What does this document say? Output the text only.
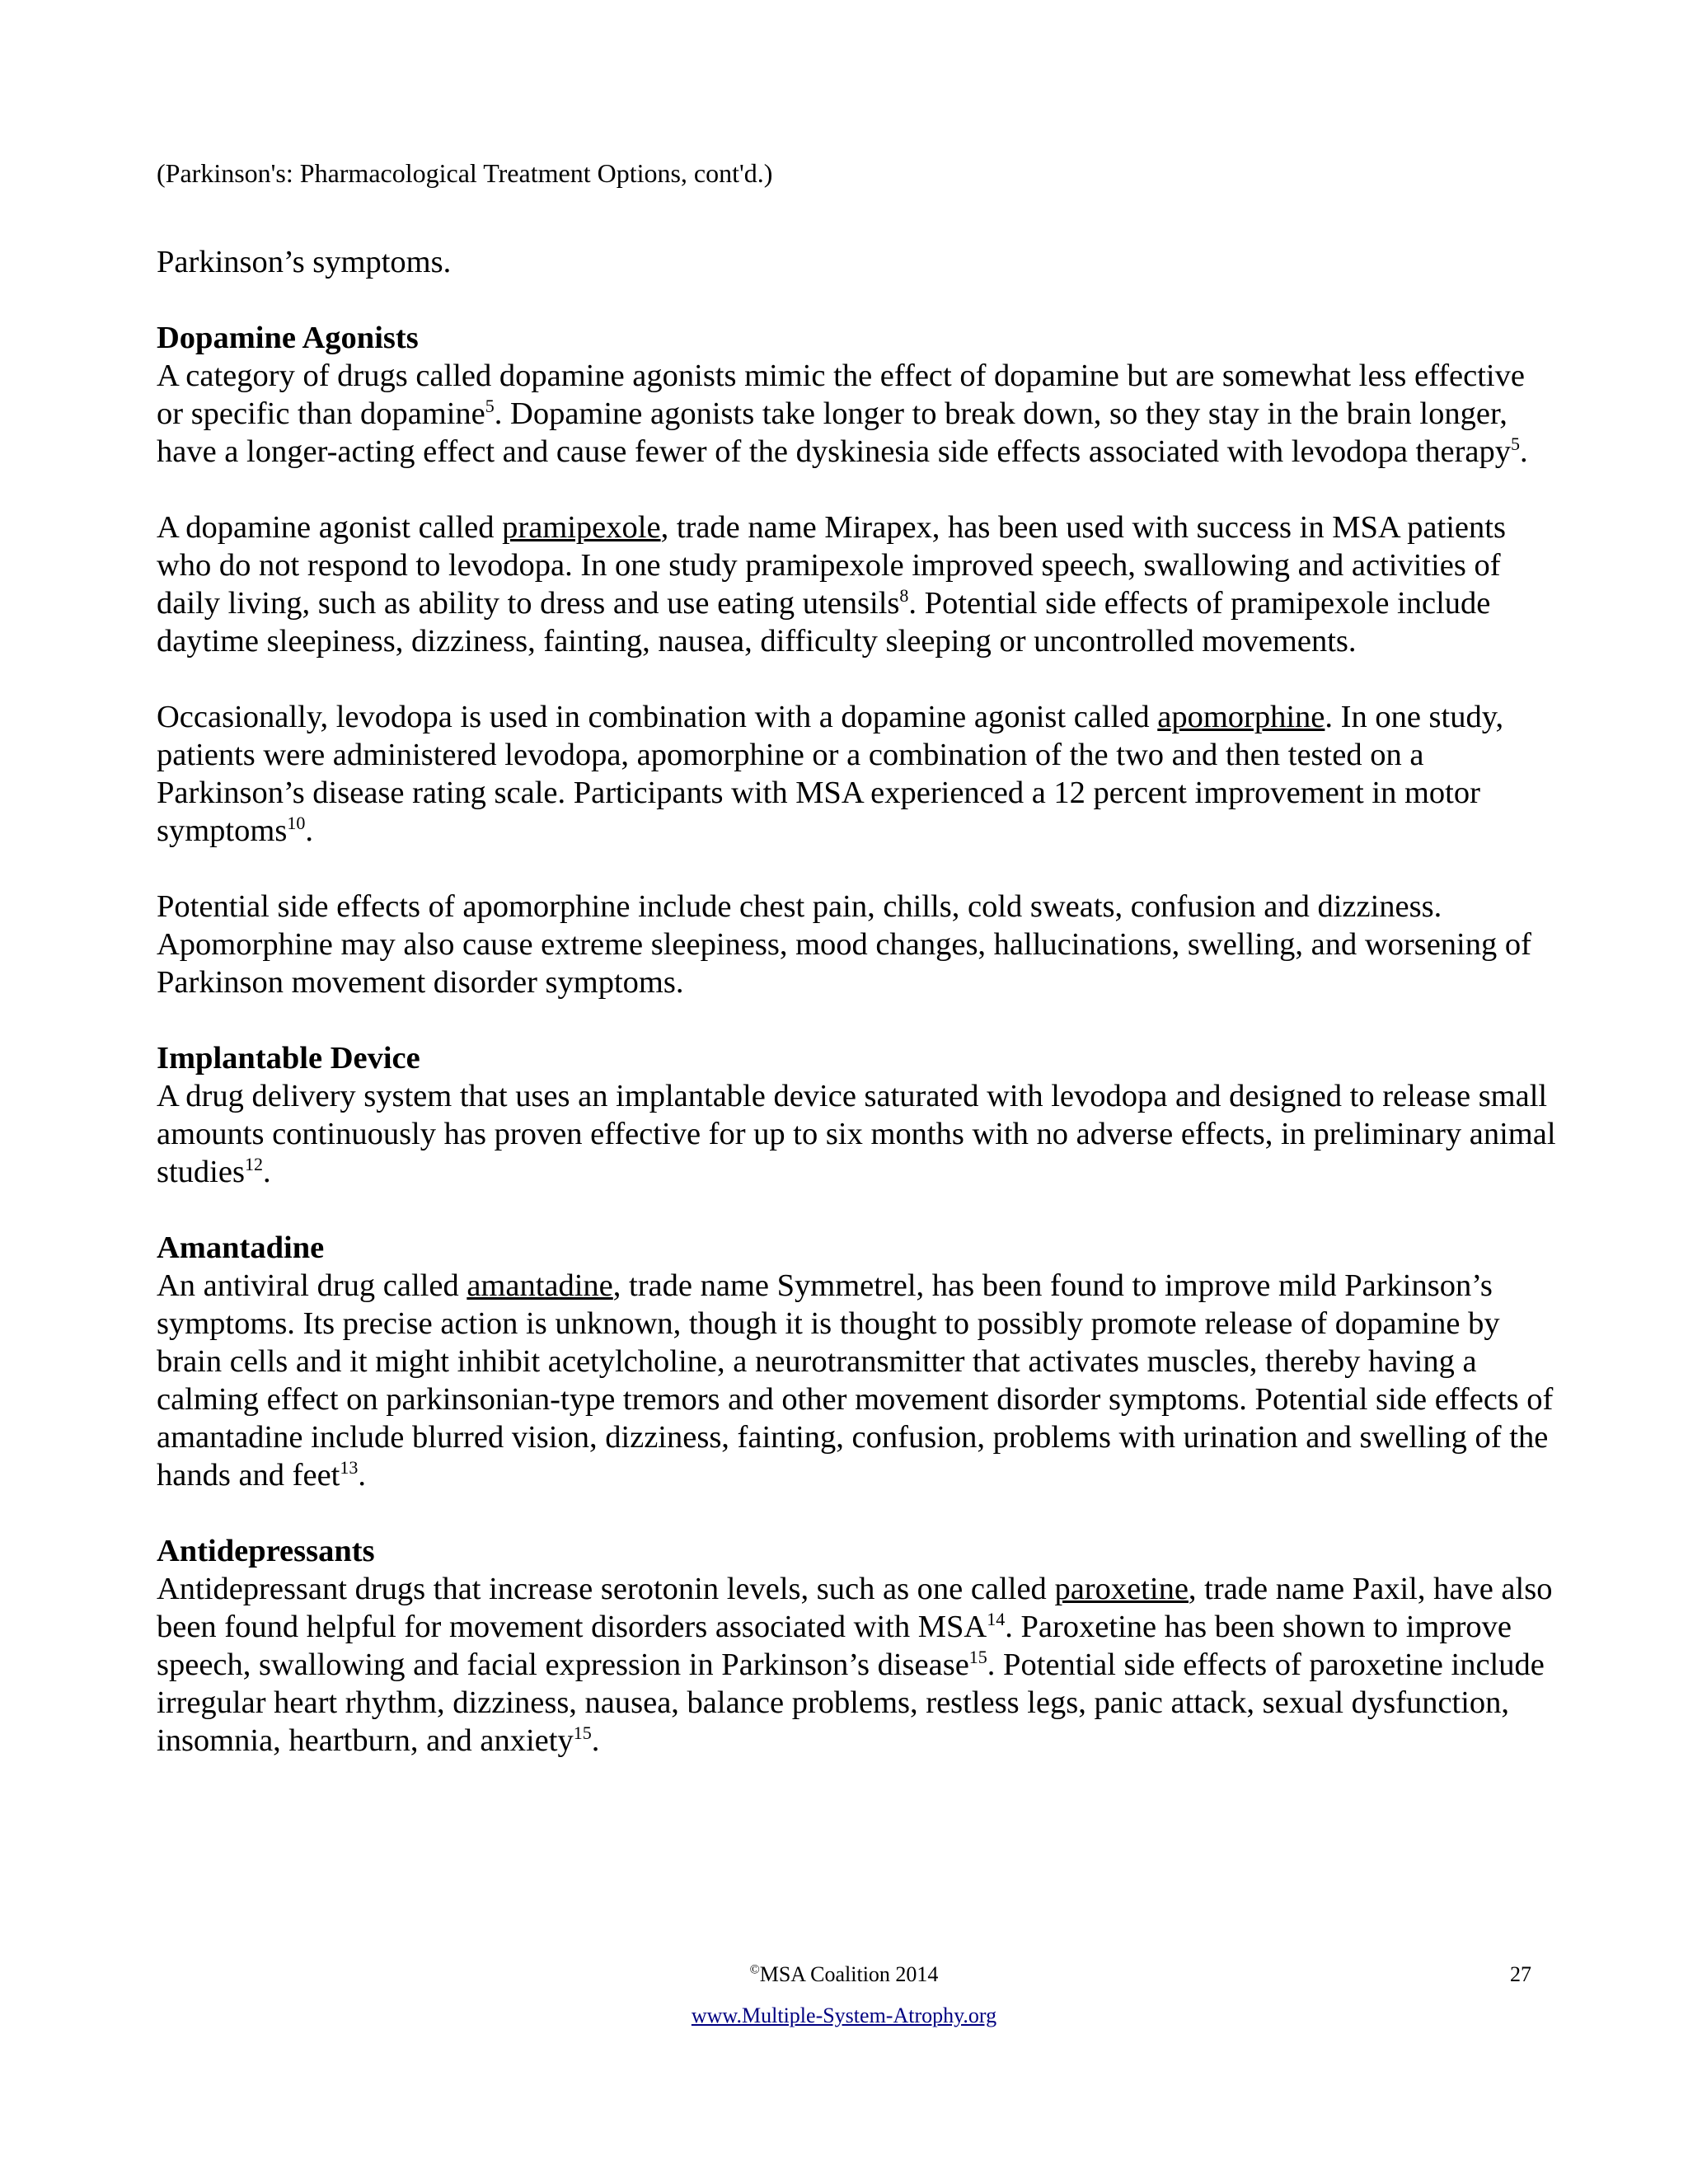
(Parkinson's: Pharmacological Treatment Options, cont'd.)

Parkinson’s symptoms.

Dopamine Agonists

A category of drugs called dopamine agonists mimic the effect of dopamine but are somewhat less effective or specific than dopamine$^5$. Dopamine agonists take longer to break down, so they stay in the brain longer, have a longer-acting effect and cause fewer of the dyskinesia side effects associated with levodopa therapy$^5$.

A dopamine agonist called pramipexole, trade name Mirapex, has been used with success in MSA patients who do not respond to levodopa. In one study pramipexole improved speech, swallowing and activities of daily living, such as ability to dress and use eating utensils$^8$. Potential side effects of pramipexole include daytime sleepiness, dizziness, fainting, nausea, difficulty sleeping or uncontrolled movements.

Occasionally, levodopa is used in combination with a dopamine agonist called apomorphine. In one study, patients were administered levodopa, apomorphine or a combination of the two and then tested on a Parkinson’s disease rating scale. Participants with MSA experienced a 12 percent improvement in motor symptoms$^{10}$.

Potential side effects of apomorphine include chest pain, chills, cold sweats, confusion and dizziness. Apomorphine may also cause extreme sleepiness, mood changes, hallucinations, swelling, and worsening of Parkinson movement disorder symptoms.

Implantable Device

A drug delivery system that uses an implantable device saturated with levodopa and designed to release small amounts continuously has proven effective for up to six months with no adverse effects, in preliminary animal studies$^{12}$.

Amantadine

An antiviral drug called amantadine, trade name Symmetrel, has been found to improve mild Parkinson’s symptoms. Its precise action is unknown, though it is thought to possibly promote release of dopamine by brain cells and it might inhibit acetylcholine, a neurotransmitter that activates muscles, thereby having a calming effect on parkinsonian-type tremors and other movement disorder symptoms. Potential side effects of amantadine include blurred vision, dizziness, fainting, confusion, problems with urination and swelling of the hands and feet$^{13}$.

Antidepressants

Antidepressant drugs that increase serotonin levels, such as one called paroxetine, trade name Paxil, have also been found helpful for movement disorders associated with MSA$^{14}$. Paroxetine has been shown to improve speech, swallowing and facial expression in Parkinson’s disease$^{15}$. Potential side effects of paroxetine include irregular heart rhythm, dizziness, nausea, balance problems, restless legs, panic attack, sexual dysfunction, insomnia, heartburn, and anxiety$^{15}$.

©MSA Coalition 2014	27
www.Multiple-System-Atrophy.org
